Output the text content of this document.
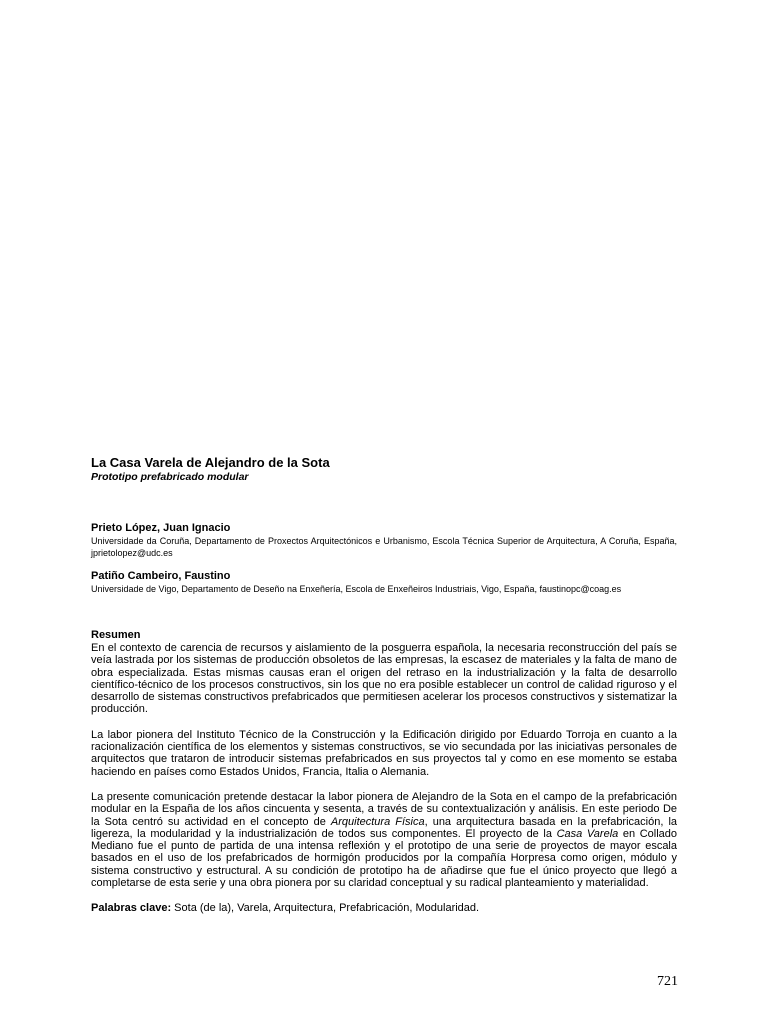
La Casa Varela de Alejandro de la Sota

Prototipo prefabricado modular

Prieto López, Juan Ignacio
Universidade da Coruña, Departamento de Proxectos Arquitectónicos e Urbanismo, Escola Técnica Superior de Arquitectura, A Coruña, España, jprietolopez@udc.es
Patiño Cambeiro, Faustino
Universidade de Vigo, Departamento de Deseño na Enxeñería, Escola de Enxeñeiros Industriais, Vigo, España, faustinopc@coag.es
Resumen

En el contexto de carencia de recursos y aislamiento de la posguerra española, la necesaria reconstrucción del país se veía lastrada por los sistemas de producción obsoletos de las empresas, la escasez de materiales y la falta de mano de obra especializada. Estas mismas causas eran el origen del retraso en la industrialización y la falta de desarrollo científico-técnico de los procesos constructivos, sin los que no era posible establecer un control de calidad riguroso y el desarrollo de sistemas constructivos prefabricados que permitiesen acelerar los procesos constructivos y sistematizar la producción.

La labor pionera del Instituto Técnico de la Construcción y la Edificación dirigido por Eduardo Torroja en cuanto a la racionalización científica de los elementos y sistemas constructivos, se vio secundada por las iniciativas personales de arquitectos que trataron de introducir sistemas prefabricados en sus proyectos tal y como en ese momento se estaba haciendo en países como Estados Unidos, Francia, Italia o Alemania.

La presente comunicación pretende destacar la labor pionera de Alejandro de la Sota en el campo de la prefabricación modular en la España de los años cincuenta y sesenta, a través de su contextualización y análisis. En este periodo De la Sota centró su actividad en el concepto de Arquitectura Física, una arquitectura basada en la prefabricación, la ligereza, la modularidad y la industrialización de todos sus componentes. El proyecto de la Casa Varela en Collado Mediano fue el punto de partida de una intensa reflexión y el prototipo de una serie de proyectos de mayor escala basados en el uso de los prefabricados de hormigón producidos por la compañía Horpresa como origen, módulo y sistema constructivo y estructural. A su condición de prototipo ha de añadirse que fue el único proyecto que llegó a completarse de esta serie y una obra pionera por su claridad conceptual y su radical planteamiento y materialidad.

Palabras clave: Sota (de la), Varela, Arquitectura, Prefabricación, Modularidad.

721
